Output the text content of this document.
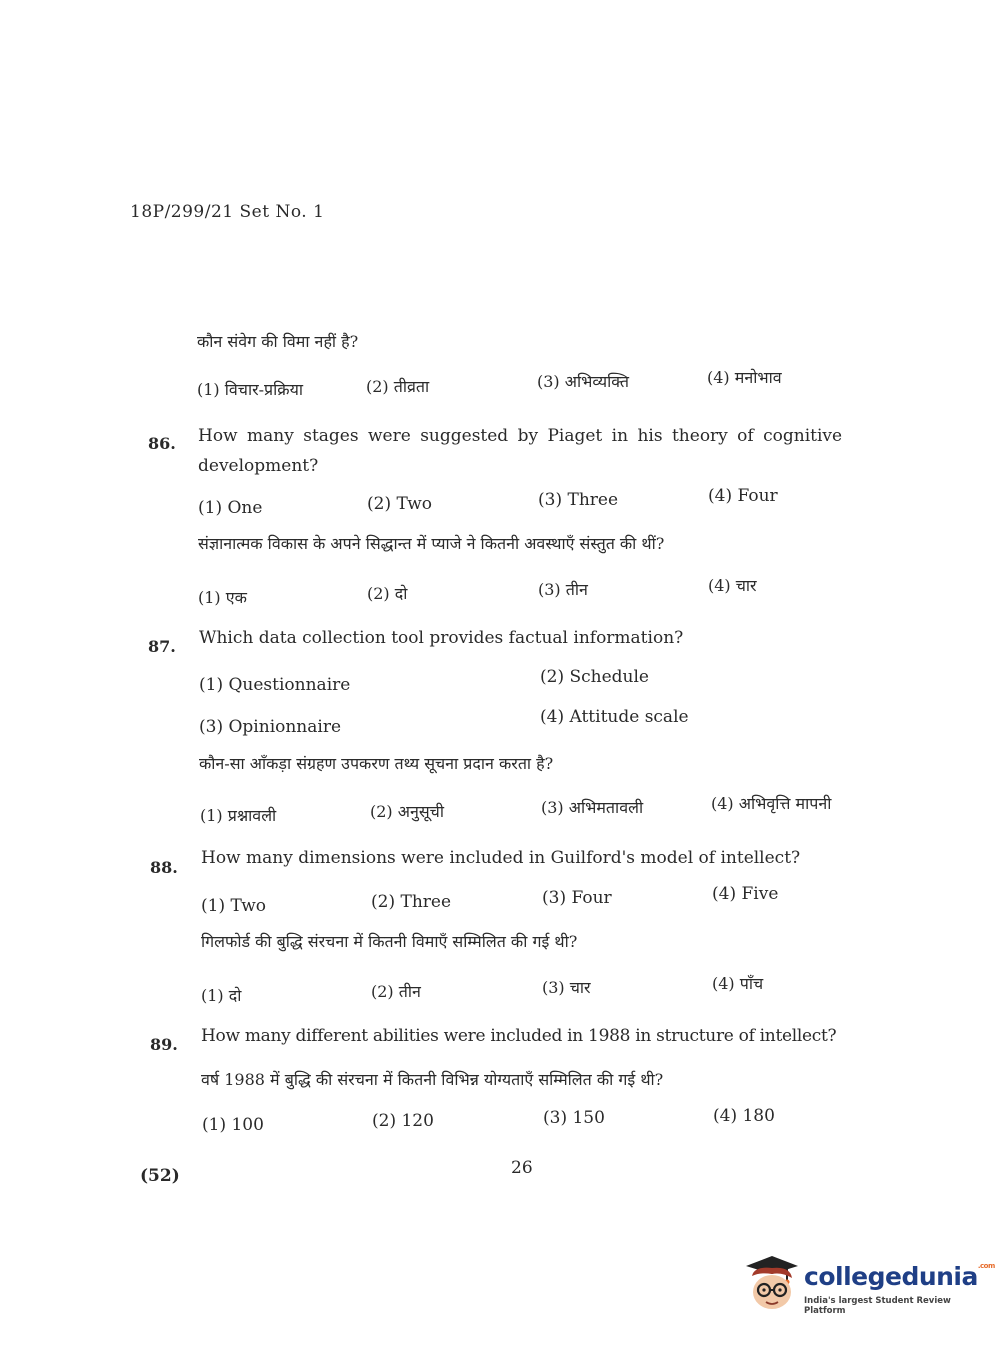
18P/299/21 Set No. 1
कौन संवेग की विमा नहीं है?
(1) विचार-प्रक्रिया	(2) तीव्रता	(3) अभिव्यक्ति	(4) मनोभाव
86. How many stages were suggested by Piaget in his theory of cognitive
development?
(1) One	(2) Two	(3) Three	(4) Four
संज्ञानात्मक विकास के अपने सिद्धान्त में प्याजे ने कितनी अवस्थाएँ संस्तुत की थीं?
(1) एक	(2) दो	(3) तीन	(4) चार
87. Which data collection tool provides factual information?
(1) Questionnaire	(2) Schedule
(3) Opinionnaire	(4) Attitude scale
कौन-सा आँकड़ा संग्रहण उपकरण तथ्य सूचना प्रदान करता है?
(1) प्रश्नावली	(2) अनुसूची	(3) अभिमतावली	(4) अभिवृत्ति मापनी
88. How many dimensions were included in Guilford's model of intellect?
(1) Two	(2) Three	(3) Four	(4) Five
गिलफोर्ड की बुद्धि संरचना में कितनी विमाएँ सम्मिलित की गई थी?
(1) दो	(2) तीन	(3) चार	(4) पाँच
89. How many different abilities were included in 1988 in structure of intellect?
वर्ष 1988 में बुद्धि की संरचना में कितनी विभिन्न योग्यताएँ सम्मिलित की गई थी?
(1) 100	(2) 120	(3) 150	(4) 180
(52)	26
collegedunia$^{.com}$
India's largest Student Review Platform
